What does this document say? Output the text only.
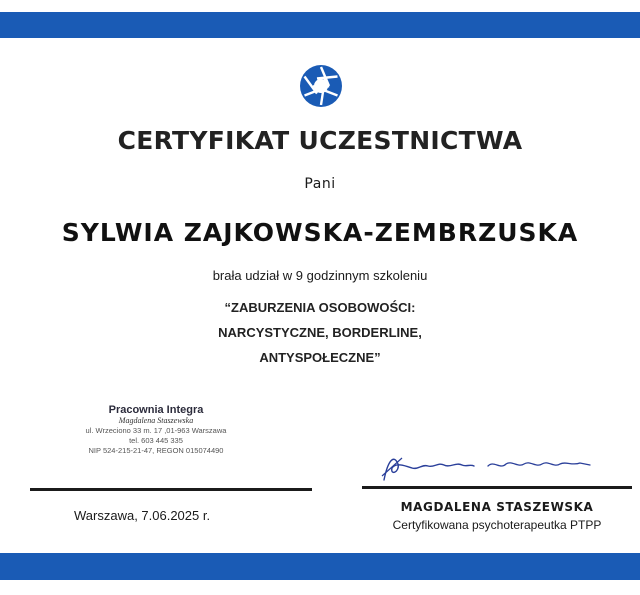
CERTYFIKAT UCZESTNICTWA
Pani
SYLWIA ZAJKOWSKA-ZEMBRZUSKA
brała udział w 9 godzinnym szkoleniu
“ZABURZENIA OSOBOWOŚCI:
NARCYSTYCZNE, BORDERLINE,
ANTYSPOŁECZNE”
Pracownia Integra
Magdalena Staszewska
ul. Wrzeciono 33 m. 17 ,01-963 Warszawa
tel. 603 445 335
NIP 524-215-21-47, REGON 015074490
Warszawa, 7.06.2025 r.
MAGDALENA STASZEWSKA
Certyfikowana psychoterapeutka PTPP
